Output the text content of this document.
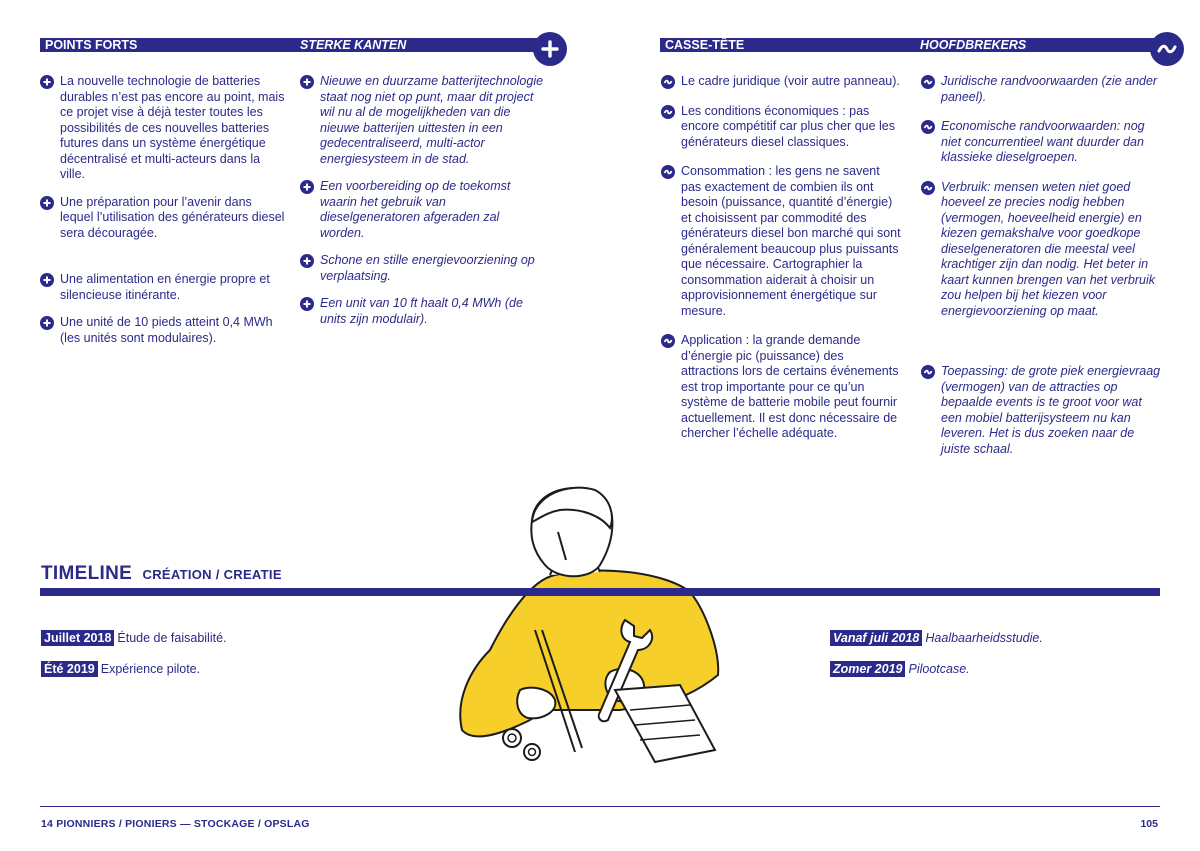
POINTS FORTS	STERKE KANTEN	CASSE-TÊTE	HOOFDBREKERS
La nouvelle technologie de batteries durables n’est pas encore au point, mais ce projet vise à déjà tester toutes les possibilités de ces nouvelles batteries futures dans un système énergétique décentralisé et multi-acteurs dans la ville.
Une préparation pour l’avenir dans lequel l’utilisation des générateurs diesel sera découragée.
Une alimentation en énergie propre et silencieuse itinérante.
Une unité de 10 pieds atteint 0,4 MWh (les unités sont modulaires).
Nieuwe en duurzame batterijtechnologie staat nog niet op punt, maar dit project wil nu al de mogelijkheden van die nieuwe batterijen uittesten in een gedecentraliseerd, multi-actor energiesysteem in de stad.
Een voorbereiding op de toekomst waarin het gebruik van dieselgeneratoren afgeraden zal worden.
Schone en stille energievoorziening op verplaatsing.
Een unit van 10 ft haalt 0,4 MWh (de units zijn modulair).
Le cadre juridique (voir autre panneau).
Les conditions économiques : pas encore compétitif car plus cher que les générateurs diesel classiques.
Consommation : les gens ne savent pas exactement de combien ils ont besoin (puissance, quantité d’énergie) et choisissent par commodité des générateurs diesel bon marché qui sont généralement beaucoup plus puissants que nécessaire. Cartographier la consommation aiderait à choisir un approvisionnement énergétique sur mesure.
Application : la grande demande d’énergie pic (puissance) des attractions lors de certains événements est trop importante pour ce qu’un système de batterie mobile peut fournir actuellement. Il est donc nécessaire de chercher l’échelle adéquate.
Juridische randvoorwaarden (zie ander paneel).
Economische randvoorwaarden: nog niet concurrentieel want duurder dan klassieke dieselgroepen.
Verbruik: mensen weten niet goed hoeveel ze precies nodig hebben (vermogen, hoeveelheid energie) en kiezen gemakshalve voor goedkope dieselgeneratoren die meestal veel krachtiger zijn dan nodig. Het beter in kaart kunnen brengen van het verbruik zou helpen bij het kiezen voor energievoorziening op maat.
Toepassing: de grote piek energievraag (vermogen) van de attracties op bepaalde events is te groot voor wat een mobiel batterijsysteem nu kan leveren. Het is dus zoeken naar de juiste schaal.
TIMELINE CRÉATION / CREATIE
Juillet 2018 Étude de faisabilité.
Été 2019 Expérience pilote.
Vanaf juli 2018 Haalbaarheidsstudie.
Zomer 2019 Pilootcase.
14 PIONNIERS / PIONIERS — STOCKAGE / OPSLAG	105
